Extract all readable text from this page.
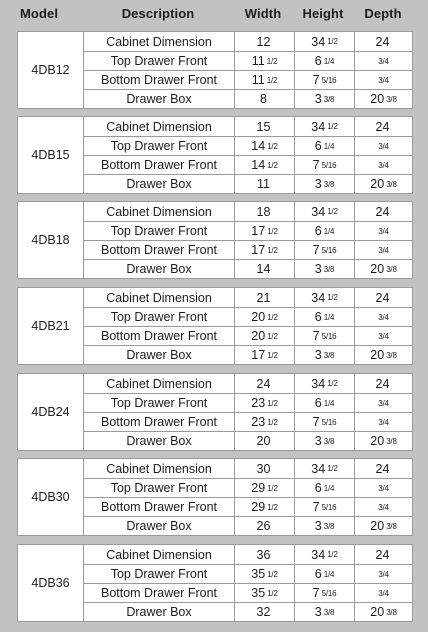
Model	Description	Width	Height	Depth
4DB12
Cabinet Dimension	12	34 1/2	24
Top Drawer Front	11 1/2	6 1/4	3/4
Bottom Drawer Front	11 1/2	7 5/16	3/4
Drawer Box	8	3 3/8	20 3/8
4DB15
Cabinet Dimension	15	34 1/2	24
Top Drawer Front	14 1/2	6 1/4	3/4
Bottom Drawer Front	14 1/2	7 5/16	3/4
Drawer Box	11	3 3/8	20 3/8
4DB18
Cabinet Dimension	18	34 1/2	24
Top Drawer Front	17 1/2	6 1/4	3/4
Bottom Drawer Front	17 1/2	7 5/16	3/4
Drawer Box	14	3 3/8	20 3/8
4DB21
Cabinet Dimension	21	34 1/2	24
Top Drawer Front	20 1/2	6 1/4	3/4
Bottom Drawer Front	20 1/2	7 5/16	3/4
Drawer Box	17 1/2	3 3/8	20 3/8
4DB24
Cabinet Dimension	24	34 1/2	24
Top Drawer Front	23 1/2	6 1/4	3/4
Bottom Drawer Front	23 1/2	7 5/16	3/4
Drawer Box	20	3 3/8	20 3/8
4DB30
Cabinet Dimension	30	34 1/2	24
Top Drawer Front	29 1/2	6 1/4	3/4
Bottom Drawer Front	29 1/2	7 5/16	3/4
Drawer Box	26	3 3/8	20 3/8
4DB36
Cabinet Dimension	36	34 1/2	24
Top Drawer Front	35 1/2	6 1/4	3/4
Bottom Drawer Front	35 1/2	7 5/16	3/4
Drawer Box	32	3 3/8	20 3/8
